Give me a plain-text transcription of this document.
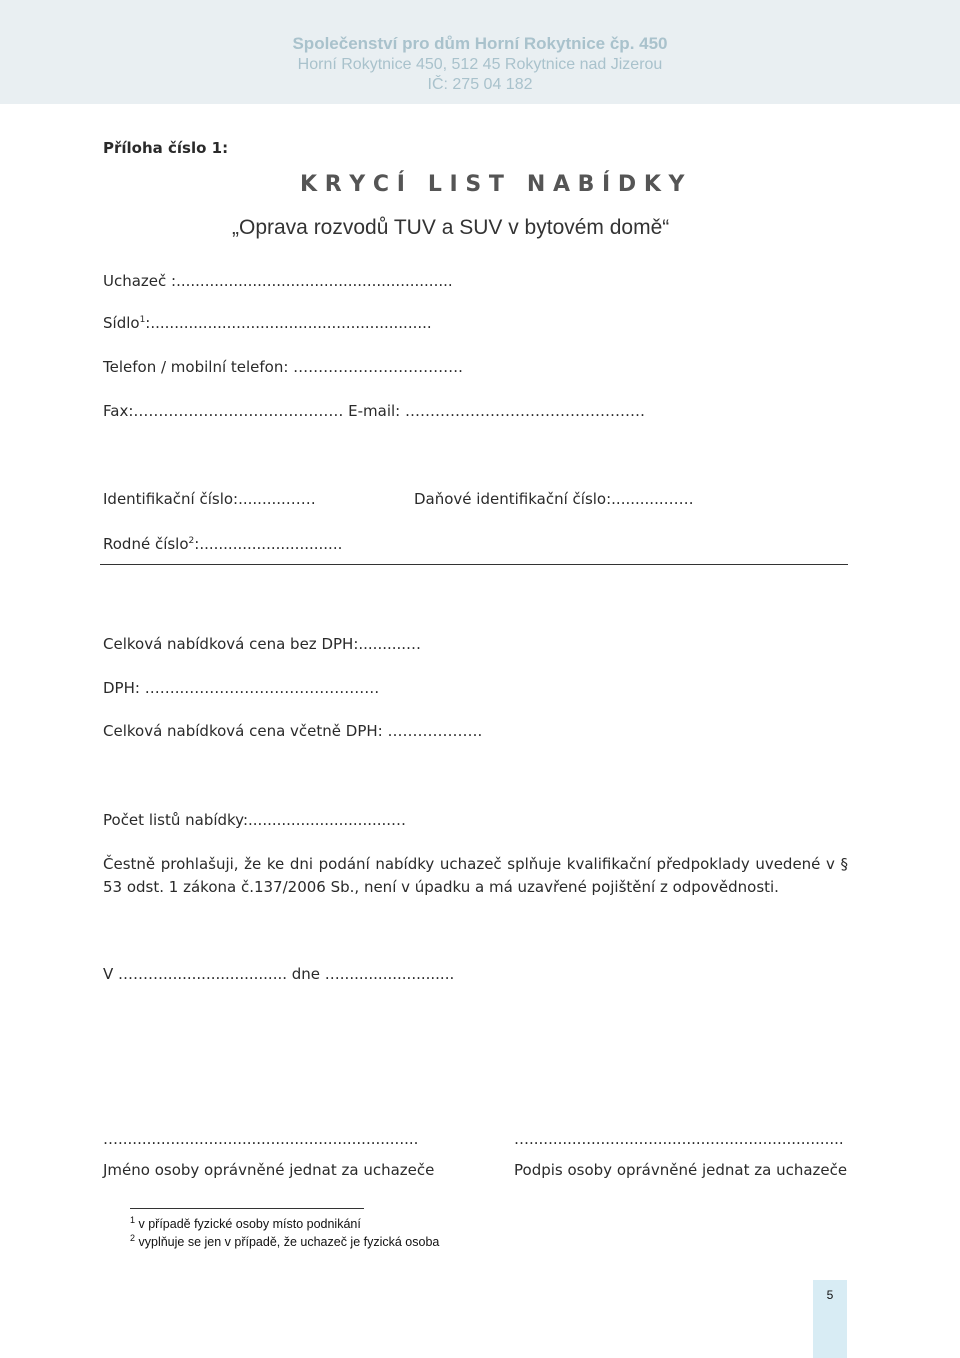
Společenství pro dům Horní Rokytnice čp. 450
Horní Rokytnice 450, 512 45 Rokytnice nad Jizerou
IČ: 275 04 182
Příloha číslo 1:
K R Y C Í   L I S T   N A B Í D K Y
„Oprava rozvodů TUV a SUV v bytovém domě“
Uchazeč :..........................................................
Sídlo$^1$:...........................................................
Telefon / mobilní telefon: …………………………….
Fax:…………………………………… E-mail: …………………………………………
Identifikační číslo:..........……	Daňové identifikační číslo:...........……
Rodné číslo$^2$:..............................
Celková nabídková cena bez DPH:..........…
DPH: ……..…………………………………
Celková nabídková cena včetně DPH: ……………….
Počet listů nabídky:..............................…
Čestně prohlašuji, že ke dni podání nabídky uchazeč splňuje kvalifikační předpoklady uvedené v § 53 odst. 1 zákona č.137/2006 Sb., není v úpadku a má uzavřené pojištění z odpovědnosti.
V ……….......................... dne …........................
…...............................................................	…..................................................................
Jméno osoby oprávněné jednat za uchazeče	Podpis osoby oprávněné jednat za uchazeče
$^1$ v případě fyzické osoby místo podnikání
$^2$ vyplňuje se jen v případě, že uchazeč je fyzická osoba
5
